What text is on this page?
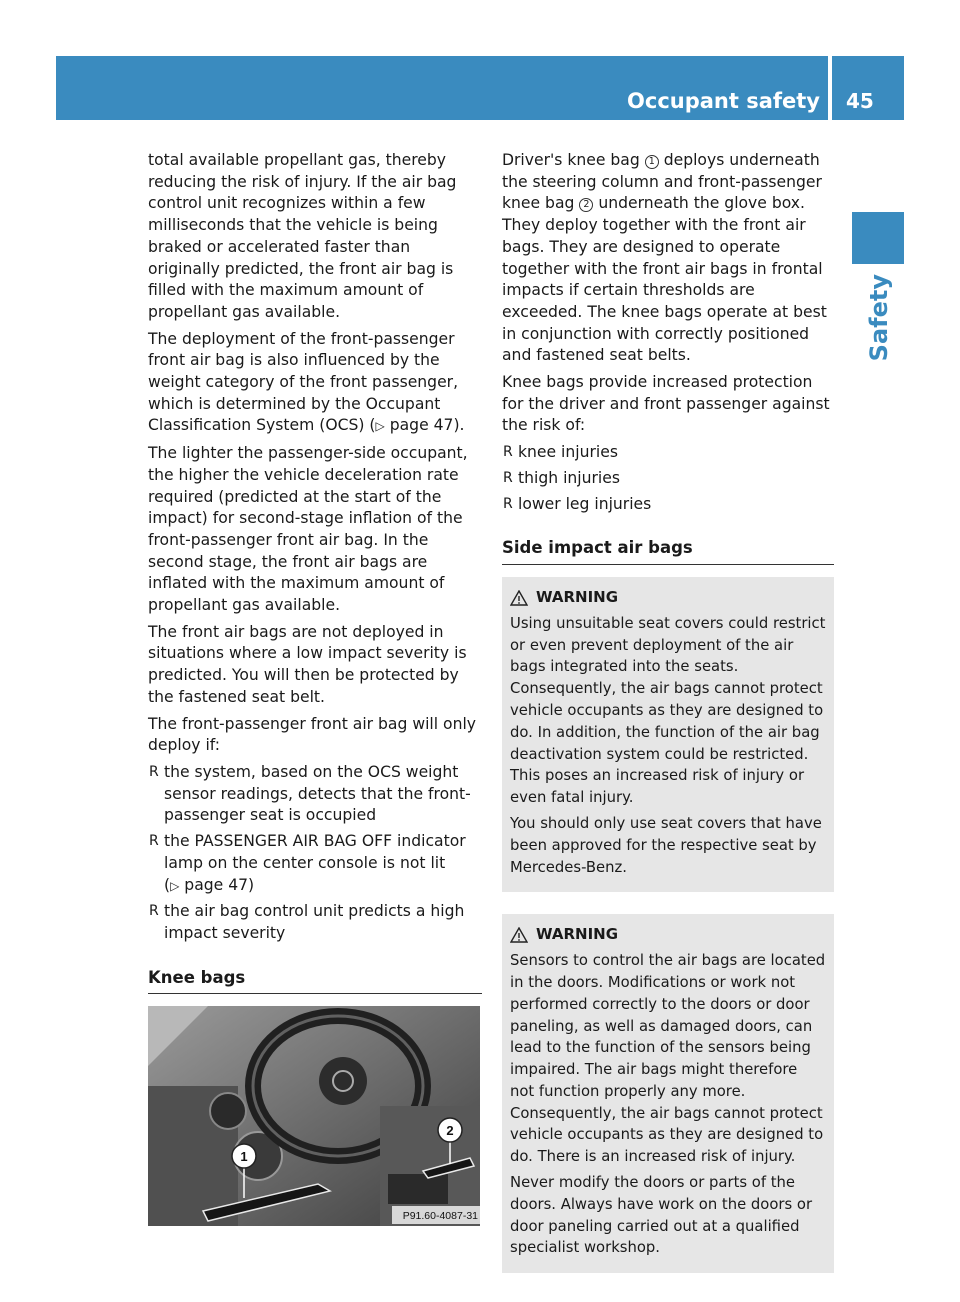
Occupant safety 45
Safety

total available propellant gas, thereby reducing the risk of injury. If the air bag control unit recognizes within a few milliseconds that the vehicle is being braked or accelerated faster than originally predicted, the front air bag is filled with the maximum amount of propellant gas available.

The deployment of the front-passenger front air bag is also influenced by the weight category of the front passenger, which is determined by the Occupant Classification System (OCS) (▷ page 47).

The lighter the passenger-side occupant, the higher the vehicle deceleration rate required (predicted at the start of the impact) for second-stage inflation of the front-passenger front air bag. In the second stage, the front air bags are inflated with the maximum amount of propellant gas available.

The front air bags are not deployed in situations where a low impact severity is predicted. You will then be protected by the fastened seat belt.

The front-passenger front air bag will only deploy if:

R the system, based on the OCS weight sensor readings, detects that the front-passenger seat is occupied
R the PASSENGER AIR BAG OFF indicator lamp on the center console is not lit
(▷ page 47)
R the air bag control unit predicts a high impact severity
Knee bags
1
2
P91.60-4087-31

Driver's knee bag 1 deploys underneath the steering column and front-passenger knee bag 2 underneath the glove box. They deploy together with the front air bags. They are designed to operate together with the front air bags in frontal impacts if certain thresholds are exceeded. The knee bags operate at best in conjunction with correctly positioned and fastened seat belts.

Knee bags provide increased protection for the driver and front passenger against the risk of:

R knee injuries
R thigh injuries
R lower leg injuries
Side impact air bags
WARNING

Using unsuitable seat covers could restrict or even prevent deployment of the air bags integrated into the seats. Consequently, the air bags cannot protect vehicle occupants as they are designed to do. In addition, the function of the air bag deactivation system could be restricted. This poses an increased risk of injury or even fatal injury.

You should only use seat covers that have been approved for the respective seat by Mercedes-Benz.

WARNING

Sensors to control the air bags are located in the doors. Modifications or work not performed correctly to the doors or door paneling, as well as damaged doors, can lead to the function of the sensors being impaired. The air bags might therefore not function properly any more. Consequently, the air bags cannot protect vehicle occupants as they are designed to do. There is an increased risk of injury.

Never modify the doors or parts of the doors. Always have work on the doors or door paneling carried out at a qualified specialist workshop.
